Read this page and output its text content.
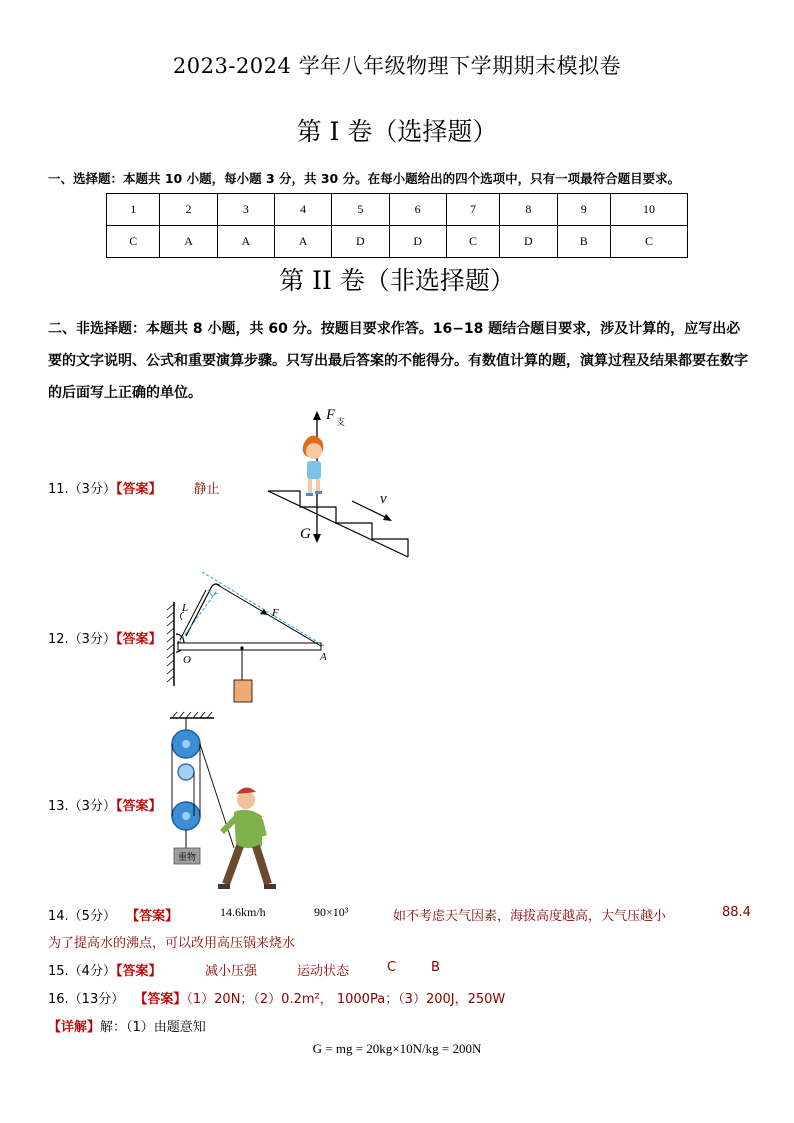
2023-2024 学年八年级物理下学期期末模拟卷
第 I 卷（选择题）
一、选择题：本题共 10 小题，每小题 3 分，共 30 分。在每小题给出的四个选项中，只有一项最符合题目要求。
1	2	3	4	5	6	7	8	9	10
C	A	A	A	D	D	C	D	B	C
第 II 卷（非选择题）
二、非选择题：本题共 8 小题，共 60 分。按题目要求作答。16−18 题结合题目要求，涉及计算的，应写出必要的文字说明、公式和重要演算步骤。只写出最后答案的不能得分。有数值计算的题，演算过程及结果都要在数字的后面写上正确的单位。
11.（3分）【答案】 静止
F 支
v
G
12.（3分）【答案】
L	F
O	A
13.（3分）【答案】
重物
14.（5分） 【答案】	14.6km/h	90×10³	如不考虑天气因素，海拔高度越高，大气压越小	88.4
为了提高水的沸点，可以改用高压锅来烧水
15.（4分）【答案】	减小压强	运动状态	C	B
16.（13分） 【答案】（1）20N；（2）0.2m²， 1000Pa；（3）200J，250W
【详解】解：（1）由题意知
G = mg = 20kg×10N/kg = 200N
